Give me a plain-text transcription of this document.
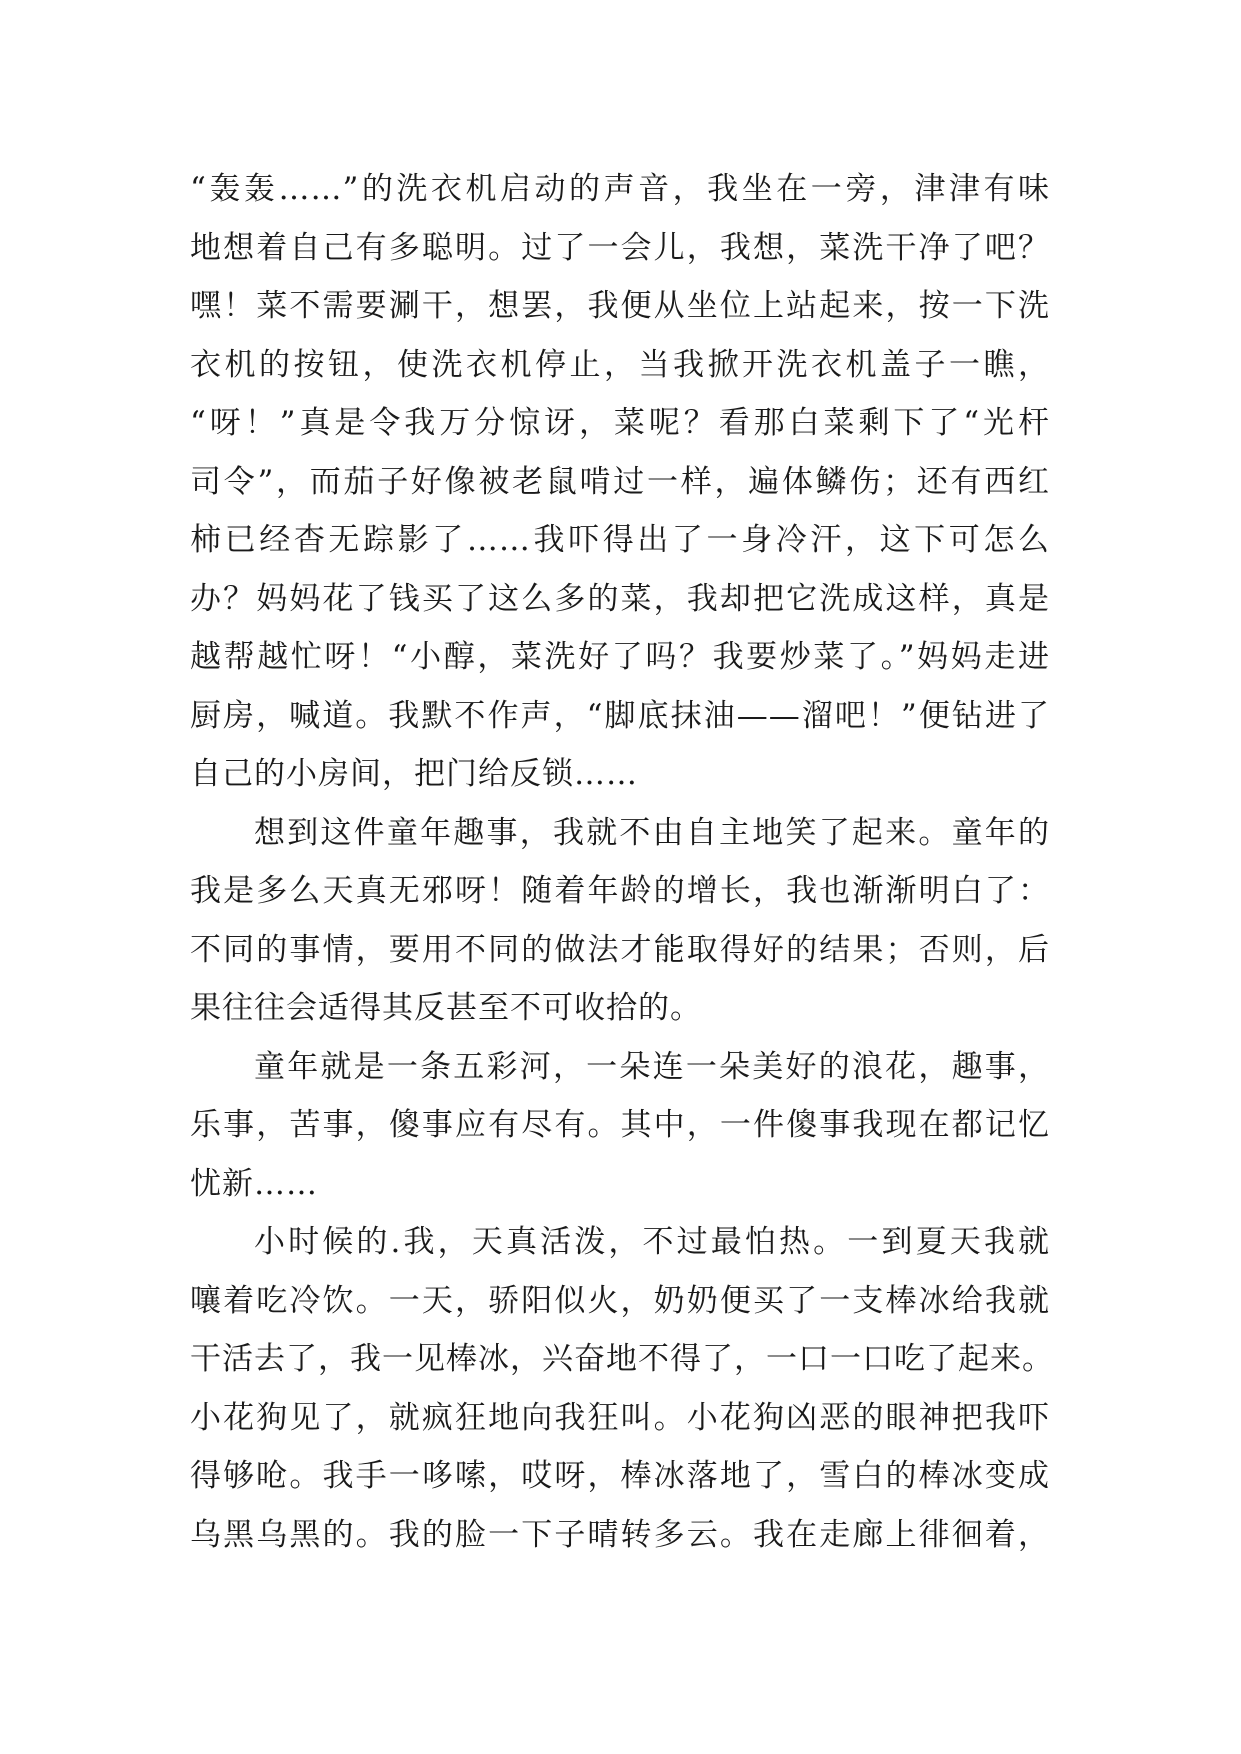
“轰轰……”的洗衣机启动的声音，我坐在一旁，津津有味
地想着自己有多聪明。过了一会儿，我想，菜洗干净了吧？
嘿！菜不需要涮干，想罢，我便从坐位上站起来，按一下洗
衣机的按钮，使洗衣机停止，当我掀开洗衣机盖子一瞧，
“呀！”真是令我万分惊讶，菜呢？看那白菜剩下了“光杆
司令”，而茄子好像被老鼠啃过一样，遍体鳞伤；还有西红
柿已经杳无踪影了……我吓得出了一身冷汗，这下可怎么
办？妈妈花了钱买了这么多的菜，我却把它洗成这样，真是
越帮越忙呀！“小醇，菜洗好了吗？我要炒菜了。”妈妈走进
厨房，喊道。我默不作声，“脚底抹油——溜吧！”便钻进了
自己的小房间，把门给反锁……
想到这件童年趣事，我就不由自主地笑了起来。童年的
我是多么天真无邪呀！随着年龄的增长，我也渐渐明白了：
不同的事情，要用不同的做法才能取得好的结果；否则，后
果往往会适得其反甚至不可收拾的。
童年就是一条五彩河，一朵连一朵美好的浪花，趣事，
乐事，苦事，傻事应有尽有。其中，一件傻事我现在都记忆
忧新……
小时候的.我，天真活泼，不过最怕热。一到夏天我就
嚷着吃冷饮。一天，骄阳似火，奶奶便买了一支棒冰给我就
干活去了，我一见棒冰，兴奋地不得了，一口一口吃了起来。
小花狗见了，就疯狂地向我狂叫。小花狗凶恶的眼神把我吓
得够呛。我手一哆嗦，哎呀，棒冰落地了，雪白的棒冰变成
乌黑乌黑的。我的脸一下子晴转多云。我在走廊上徘徊着，
